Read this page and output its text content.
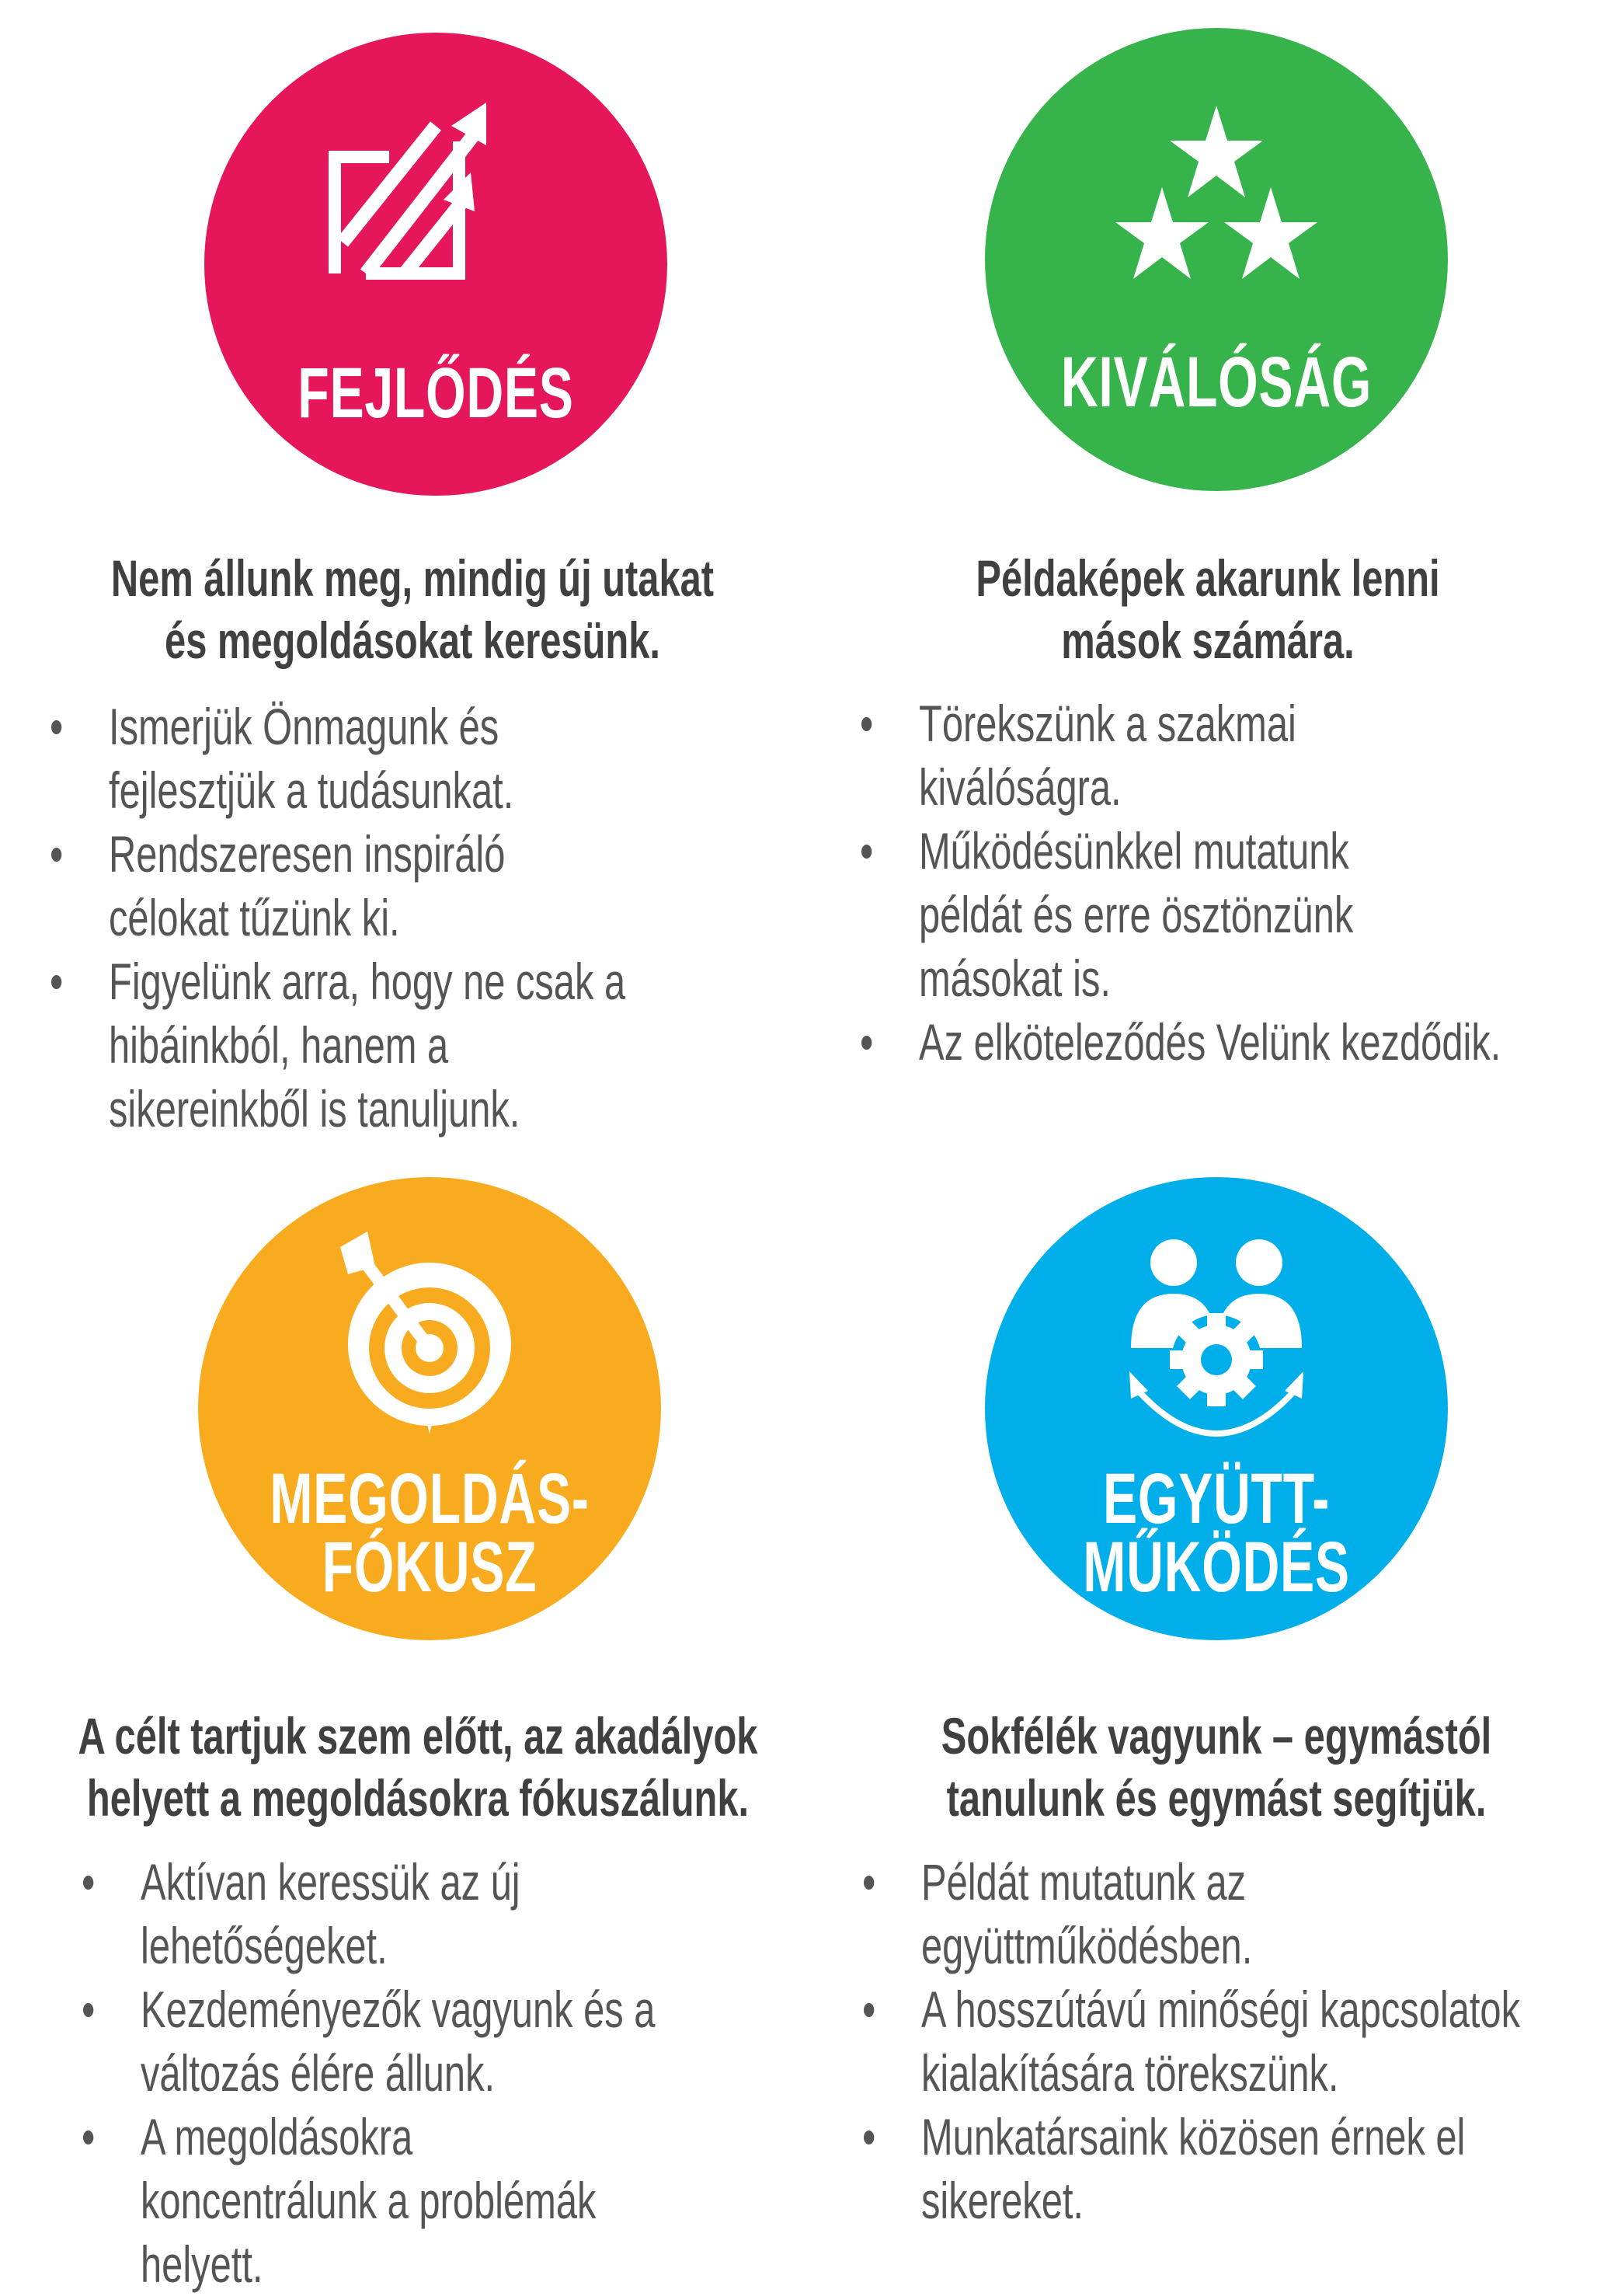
FEJLŐDÉS	KIVÁLÓSÁG
MEGOLDÁS-
FÓKUSZ
EGYÜTT-
MŰKÖDÉS
Nem állunk meg, mindig új utakat
és megoldásokat keresünk.
Példaképek akarunk lenni
mások számára.
A célt tartjuk szem előtt, az akadályok
helyett a megoldásokra fókuszálunk.
Sokfélék vagyunk – egymástól
tanulunk és egymást segítjük.
Ismerjük Önmagunk és fejlesztjük a tudásunkat.
Rendszeresen inspiráló célokat tűzünk ki.
Figyelünk arra, hogy ne csak a hibáinkból, hanem a sikereinkből is tanuljunk.
Törekszünk a szakmai kiválóságra.
Működésünkkel mutatunk példát és erre ösztönzünk másokat is.
Az elköteleződés Velünk kezdődik.
Aktívan keressük az új lehetőségeket.
Kezdeményezők vagyunk és a változás élére állunk.
A megoldásokra koncentrálunk a problémák helyett.
Példát mutatunk az együttműködésben.
A hosszútávú minőségi kapcsolatok kialakítására törekszünk.
Munkatársaink közösen érnek el sikereket.
